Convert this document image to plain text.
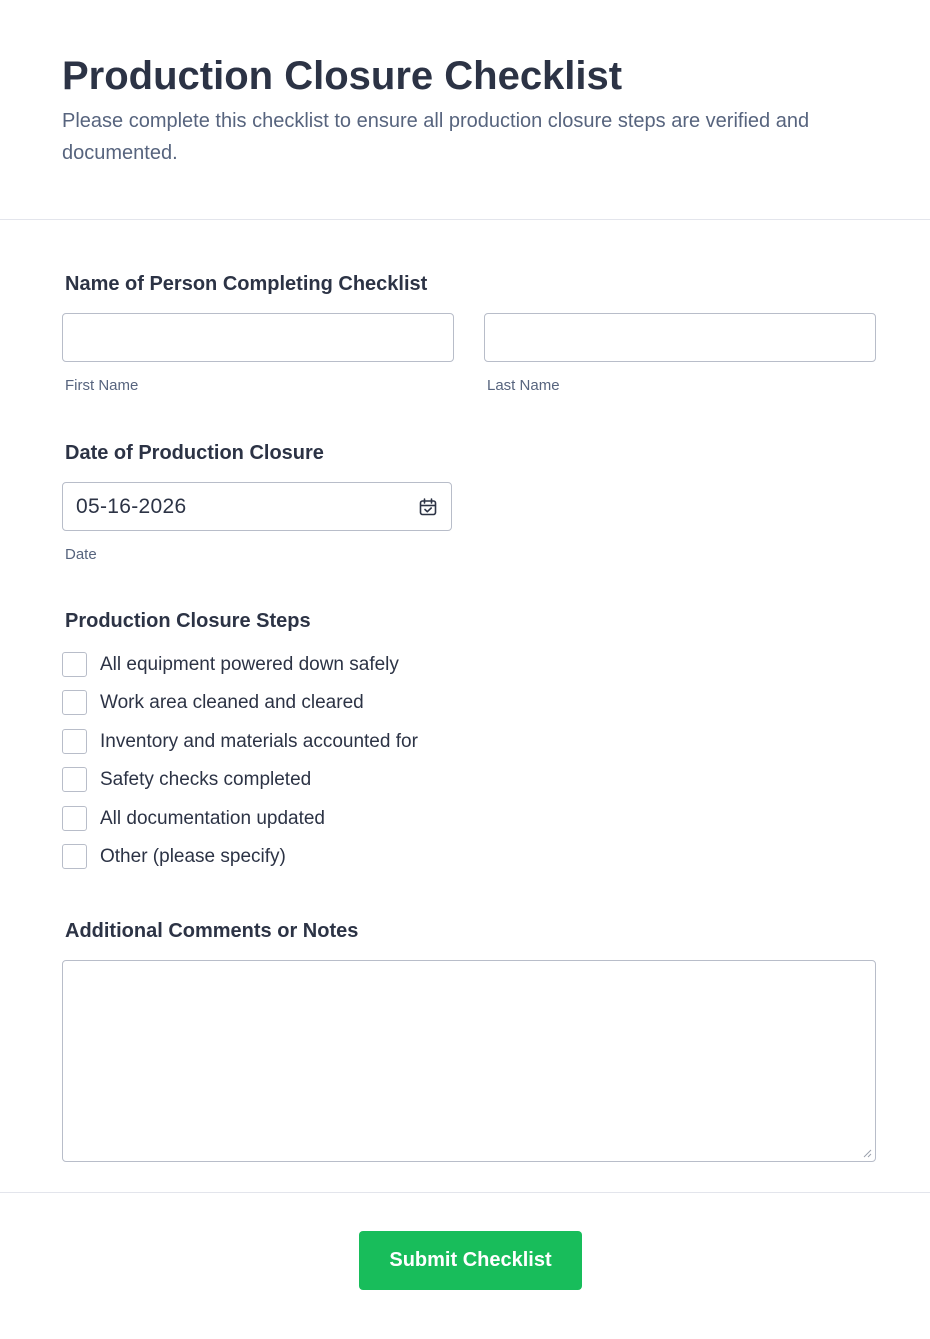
Production Closure Checklist

Please complete this checklist to ensure all production closure steps are verified and documented.

Name of Person Completing Checklist
First Name	Last Name
Date of Production Closure
05-16-2026
Date
Production Closure Steps
All equipment powered down safely
Work area cleaned and cleared
Inventory and materials accounted for
Safety checks completed
All documentation updated
Other (please specify)
Additional Comments or Notes
Submit Checklist
